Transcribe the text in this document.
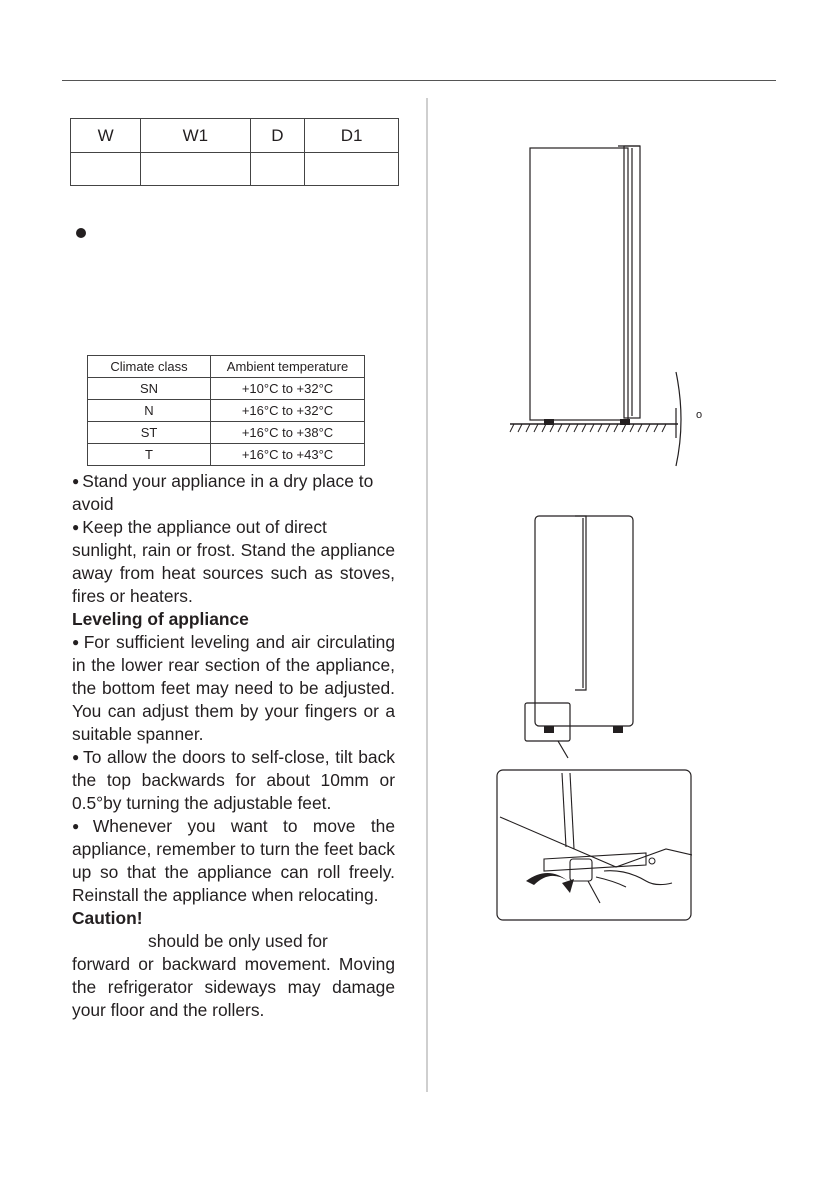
W	W1	D	D1

Climate class	Ambient temperature
SN	+10°C to +32°C
N	+16°C to +32°C
ST	+16°C to +38°C
T	+16°C to +43°C

● Stand your appliance in a dry place to
avoid

● Keep the appliance out of direct

sunlight, rain or frost. Stand the appliance away from heat sources such as stoves, fires or heaters.

Leveling of appliance

● For sufficient leveling and air circulating in the lower rear section of the appliance, the bottom feet may need to be adjusted. You can adjust them by your fingers or a suitable spanner.

● To allow the doors to self-close, tilt back the top backwards for about 10mm or 0.5°by turning the adjustable feet.

● Whenever you want to move the appliance, remember to turn the feet back up so that the appliance can roll freely. Reinstall the appliance when relocating.

Caution!

should be only used for

forward or backward movement. Moving the refrigerator sideways may damage your floor and the rollers.

o
